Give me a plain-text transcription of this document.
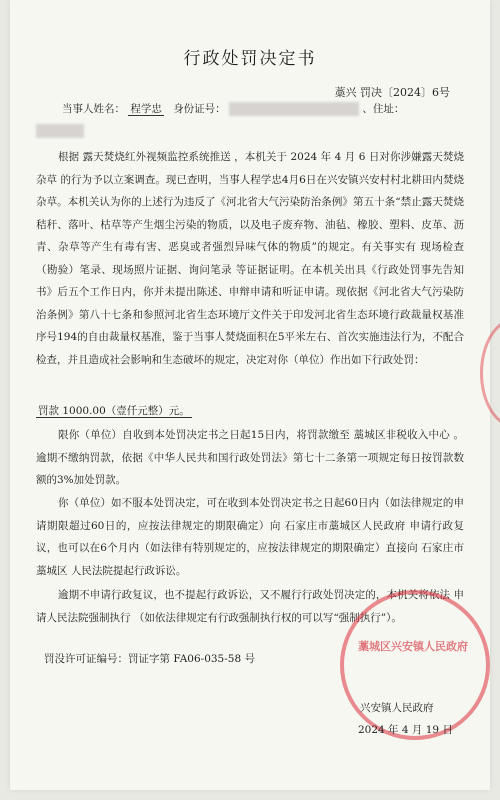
行政处罚决定书
藁兴 罚决〔2024〕6号
当事人姓名： 程学忠 身份证号：	、住址：
根据 露天焚烧红外视频监控系统推送 ，本机关于 2024 年 4 月 6 日对你涉嫌露天焚烧杂草 的行为予以立案调查。现已查明，当事人程学忠4月6日在兴安镇兴安村村北耕田内焚烧杂草。本机关认为你的上述行为违反了《河北省大气污染防治条例》第五十条“禁止露天焚烧秸秆、落叶、枯草等产生烟尘污染的物质，以及电子废弃物、油毡、橡胶、塑料、皮革、沥青、杂草等产生有毒有害、恶臭或者强烈异味气体的物质”的规定。有关事实有 现场检查（勘验）笔录、现场照片证据、询问笔录 等证据证明。在本机关出具《行政处罚事先告知书》后五个工作日内，你并未提出陈述、申辩申请和听证申请。现依据《河北省大气污染防治条例》第八十七条和参照河北省生态环境厅文件关于印发河北省生态环境行政裁量权基准序号194的自由裁量权基准，鉴于当事人焚烧面积在5平米左右、首次实施违法行为，不配合检查，并且造成社会影响和生态破坏的规定，决定对你（单位）作出如下行政处罚：
罚款 1000.00（壹仟元整）元。
限你（单位）自收到本处罚决定书之日起15日内，将罚款缴至 藁城区非税收入中心 。逾期不缴纳罚款，依据《中华人民共和国行政处罚法》第七十二条第一项规定每日按罚款数额的3%加处罚款。
你（单位）如不服本处罚决定，可在收到本处罚决定书之日起60日内（如法律规定的申请期限超过60日的，应按法律规定的期限确定）向 石家庄市藁城区人民政府 申请行政复议，也可以在6个月内（如法律有特别规定的，应按法律规定的期限确定）直接向 石家庄市藁城区 人民法院提起行政诉讼。
逾期不申请行政复议，也不提起行政诉讼，又不履行行政处罚决定的，本机关将依法 申请人民法院强制执行 （如依法律规定有行政强制执行权的可以写“强制执行”）。
罚没许可证编号：罚证字第 FA06-035-58 号
藁城区兴安镇人民政府
兴安镇人民政府
2024 年 4 月 19 日
